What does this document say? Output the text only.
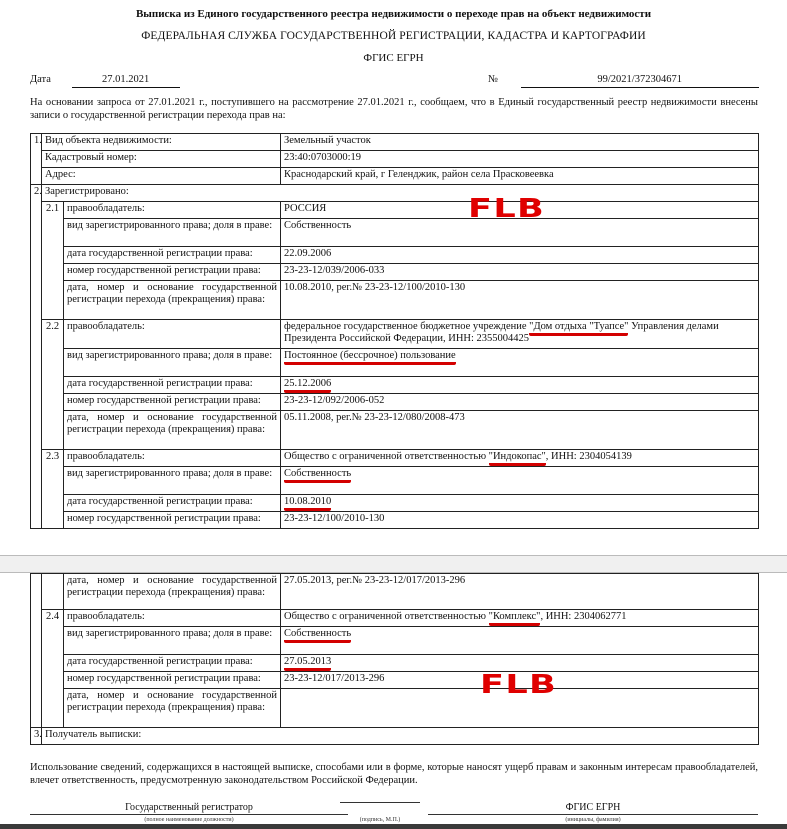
Выписка из Единого государственного реестра недвижимости о переходе прав на объект недвижимости
ФЕДЕРАЛЬНАЯ СЛУЖБА ГОСУДАРСТВЕННОЙ РЕГИСТРАЦИИ, КАДАСТРА И КАРТОГРАФИИ
ФГИС ЕГРН
Дата	27.01.2021	№	99/2021/372304671
На основании запроса от 27.01.2021 г., поступившего на рассмотрение 27.01.2021 г., сообщаем, что в Единый государственный реестр недвижимости внесены записи о государственной регистрации перехода прав на:
1.	Вид объекта недвижимости:		Земельный участок
	Кадастровый номер:		23:40:0703000:19
	Адрес:		Краснодарский край, г Геленджик, район села Прасковеевка
2.	Зарегистрировано:		
	2.1	правообладатель:	РОССИЯ
		вид зарегистрированного права; доля в праве:	Собственность
		дата государственной регистрации права:	22.09.2006
		номер государственной регистрации права:	23-23-12/039/2006-033
		дата, номер и основание государственной регистрации перехода (прекращения) права:	10.08.2010, рег.№ 23-23-12/100/2010-130
	2.2	правообладатель:	федеральное государственное бюджетное учреждение "Дом отдыха "Туапсе" Управления делами Президента Российской Федерации, ИНН: 2355004425
		вид зарегистрированного права; доля в праве:	Постоянное (бессрочное) пользование
		дата государственной регистрации права:	25.12.2006
		номер государственной регистрации права:	23-23-12/092/2006-052
		дата, номер и основание государственной регистрации перехода (прекращения) права:	05.11.2008, рег.№ 23-23-12/080/2008-473
	2.3	правообладатель:	Общество с ограниченной ответственностью "Индокопас", ИНН: 2304054139
		вид зарегистрированного права; доля в праве:	Собственность
		дата государственной регистрации права:	10.08.2010
		номер государственной регистрации права:	23-23-12/100/2010-130
		дата, номер и основание государственной регистрации перехода (прекращения) права:	27.05.2013, рег.№ 23-23-12/017/2013-296
	2.4	правообладатель:	Общество с ограниченной ответственностью "Комплекс", ИНН: 2304062771
		вид зарегистрированного права; доля в праве:	Собственность
		дата государственной регистрации права:	27.05.2013
		номер государственной регистрации права:	23-23-12/017/2013-296
		дата, номер и основание государственной регистрации перехода (прекращения) права:	
3.	Получатель выписки:		
FLB
FLB
Использование сведений, содержащихся в настоящей выписке, способами или в форме, которые наносят ущерб правам и законным интересам правообладателей, влечет ответственность, предусмотренную законодательством Российской Федерации.
Государственный регистратор	ФГИС ЕГРН
(полное наименование должности)	(подпись, М.П.)	(инициалы, фамилия)
